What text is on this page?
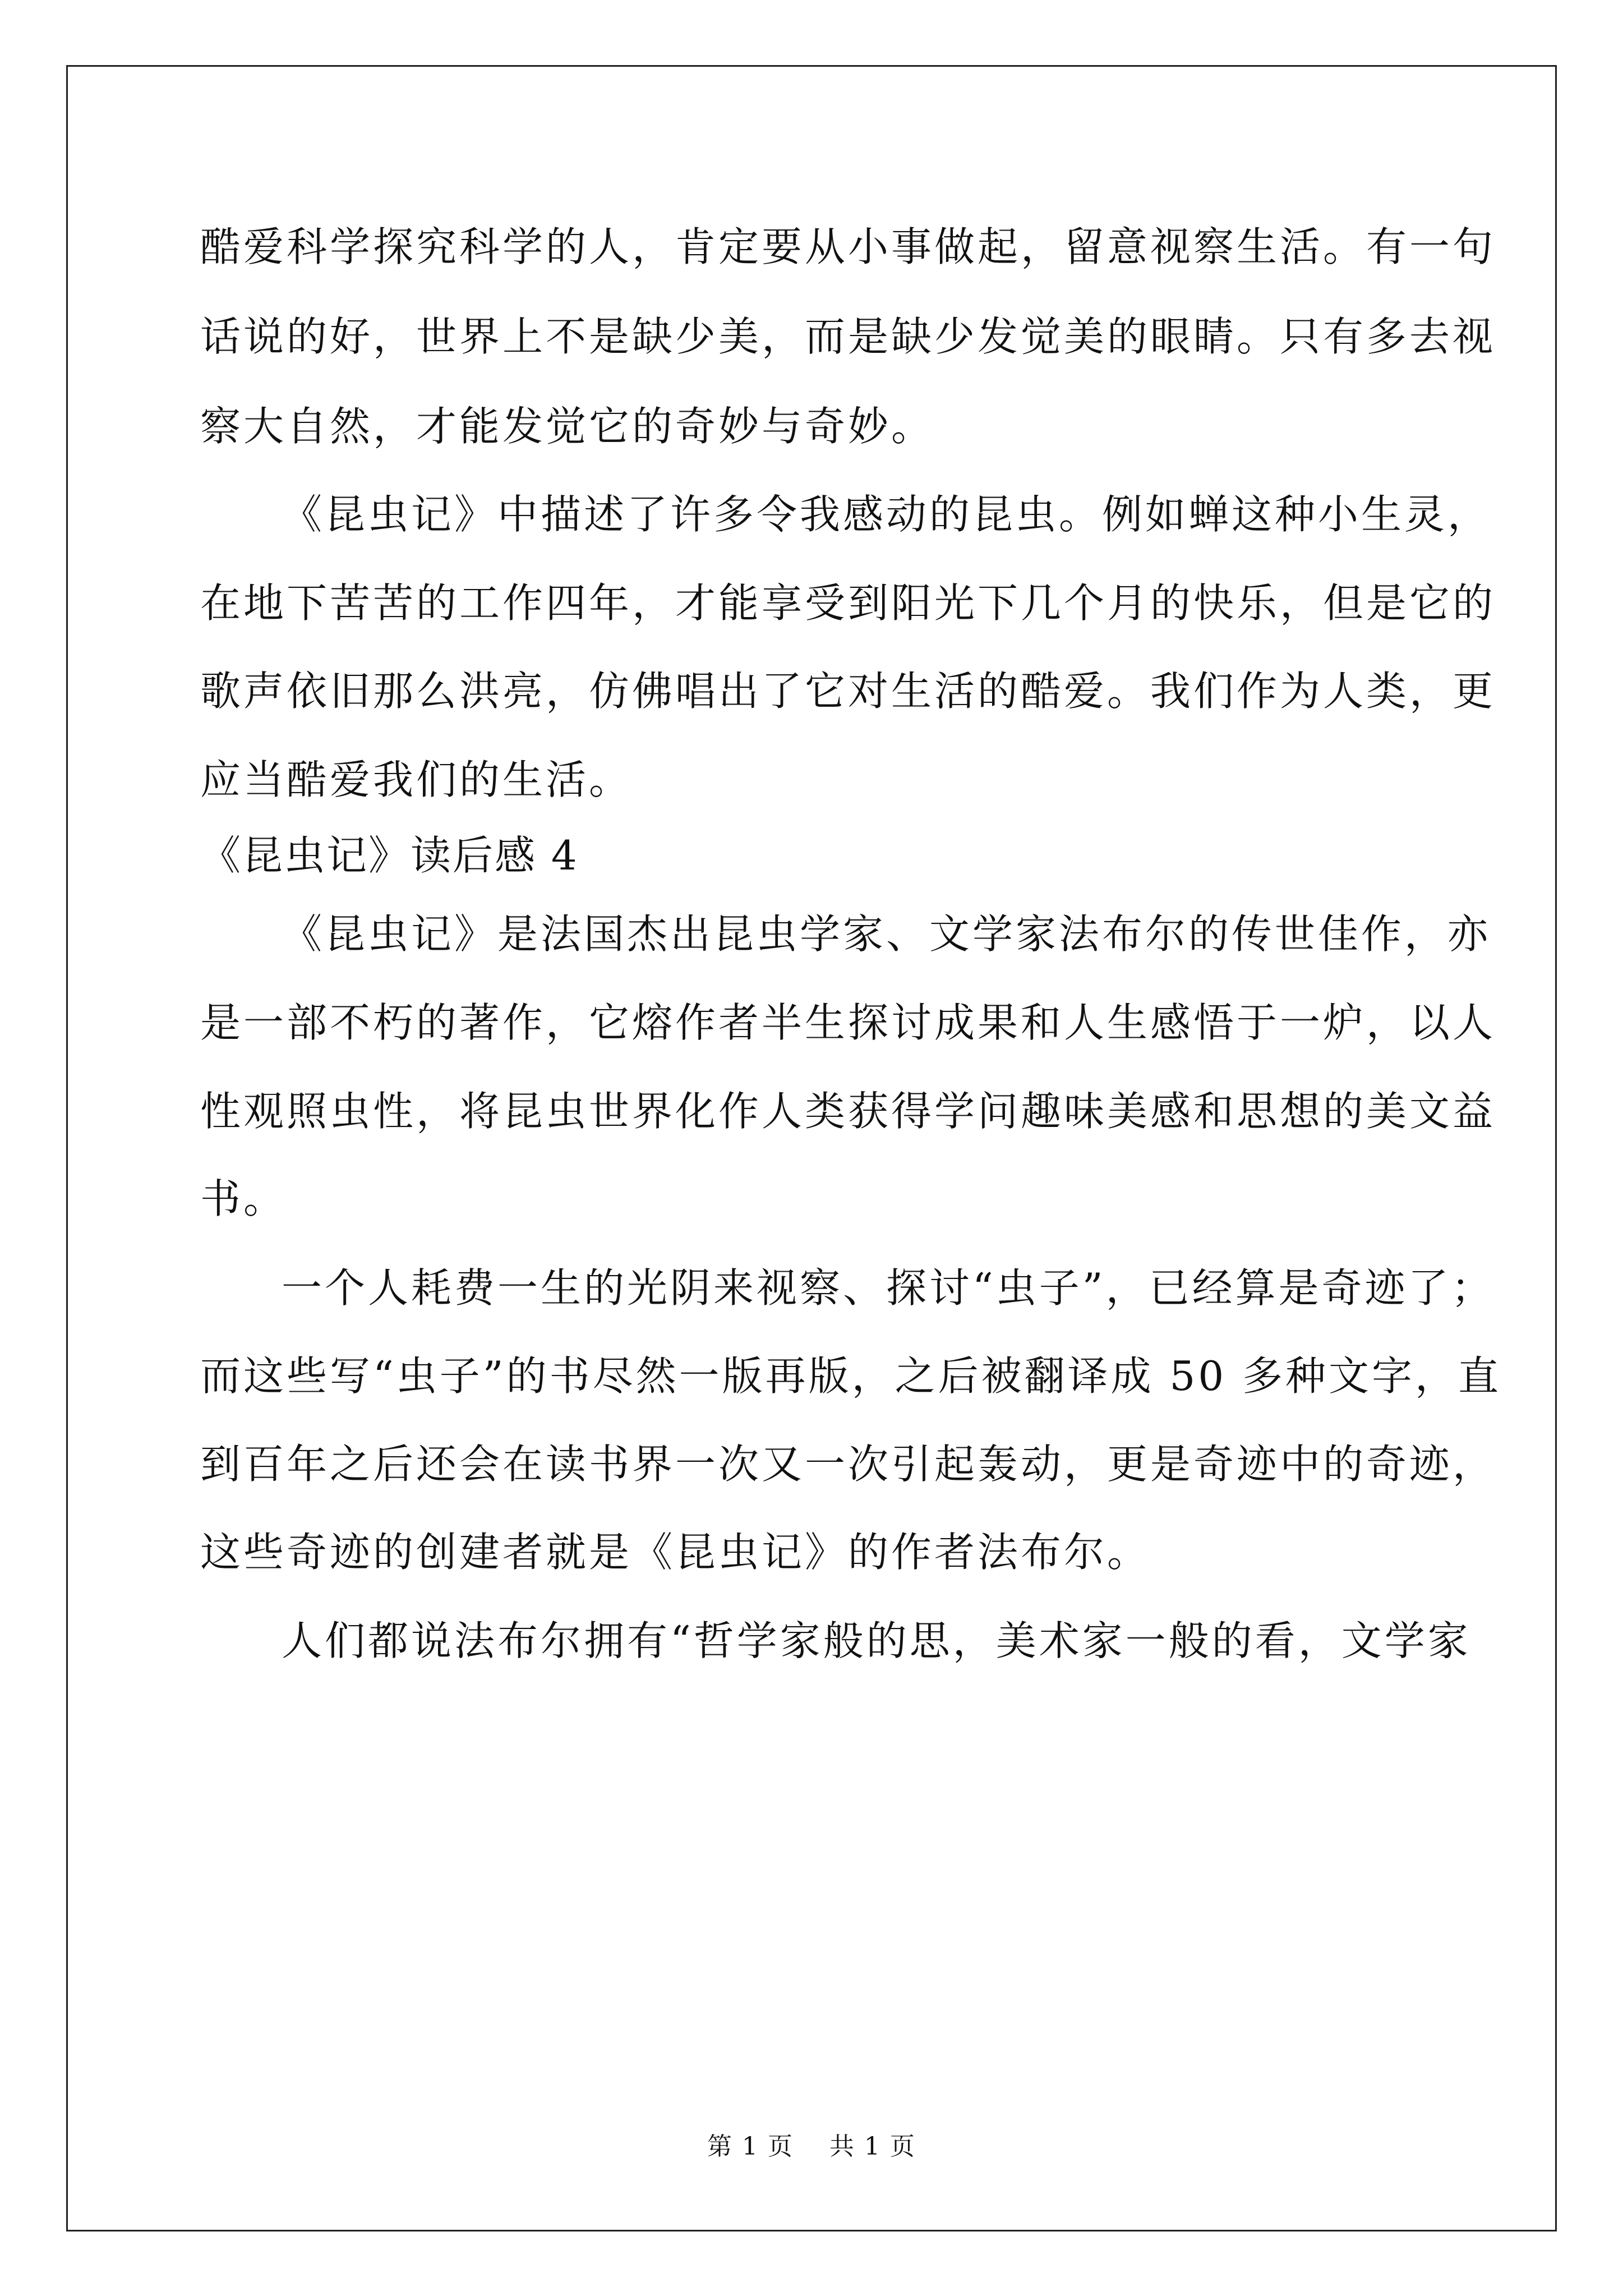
酷爱科学探究科学的人，肯定要从小事做起，留意视察生活。有一句
话说的好，世界上不是缺少美，而是缺少发觉美的眼睛。只有多去视
察大自然，才能发觉它的奇妙与奇妙。
《昆虫记》中描述了许多令我感动的昆虫。例如蝉这种小生灵，
在地下苦苦的工作四年，才能享受到阳光下几个月的快乐，但是它的
歌声依旧那么洪亮，仿佛唱出了它对生活的酷爱。我们作为人类，更
应当酷爱我们的生活。
《昆虫记》读后感 4
《昆虫记》是法国杰出昆虫学家、文学家法布尔的传世佳作，亦
是一部不朽的著作，它熔作者半生探讨成果和人生感悟于一炉，以人
性观照虫性，将昆虫世界化作人类获得学问趣味美感和思想的美文益
书。
一个人耗费一生的光阴来视察、探讨“虫子”，已经算是奇迹了；
而这些写“虫子”的书尽然一版再版，之后被翻译成 50 多种文字，直
到百年之后还会在读书界一次又一次引起轰动，更是奇迹中的奇迹，
这些奇迹的创建者就是《昆虫记》的作者法布尔。
人们都说法布尔拥有“哲学家般的思，美术家一般的看，文学家
第 1 页    共 1 页
